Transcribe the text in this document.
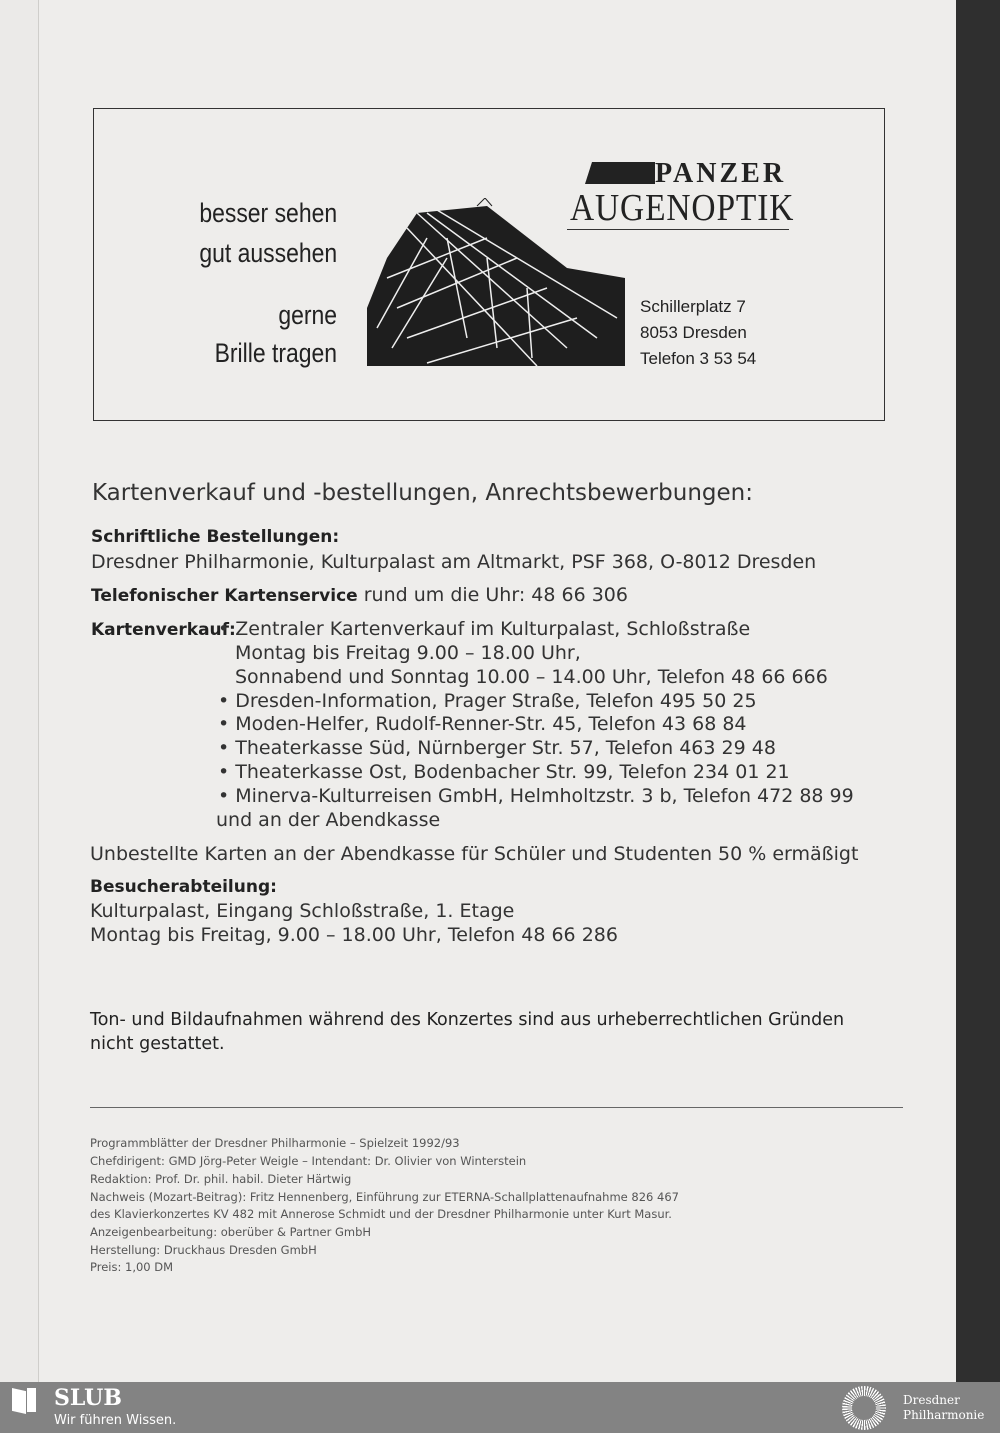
besser sehen
gut aussehen
gerne
Brille tragen
PANZER
AUGENOPTIK
Schillerplatz 7
8053 Dresden
Telefon 3 53 54
Kartenverkauf und -bestellungen, Anrechtsbewerbungen:
Schriftliche Bestellungen:
Dresdner Philharmonie, Kulturpalast am Altmarkt, PSF 368, O-8012 Dresden
Telefonischer Kartenservice rund um die Uhr: 48 66 306
Kartenverkauf:
• Zentraler Kartenverkauf im Kulturpalast, Schloßstraße
Montag bis Freitag 9.00 – 18.00 Uhr,
Sonnabend und Sonntag 10.00 – 14.00 Uhr, Telefon 48 66 666
• Dresden-Information, Prager Straße, Telefon 495 50 25
• Moden-Helfer, Rudolf-Renner-Str. 45, Telefon 43 68 84
• Theaterkasse Süd, Nürnberger Str. 57, Telefon 463 29 48
• Theaterkasse Ost, Bodenbacher Str. 99, Telefon 234 01 21
• Minerva-Kulturreisen GmbH, Helmholtzstr. 3 b, Telefon 472 88 99
und an der Abendkasse
Unbestellte Karten an der Abendkasse für Schüler und Studenten 50 % ermäßigt
Besucherabteilung:
Kulturpalast, Eingang Schloßstraße, 1. Etage
Montag bis Freitag, 9.00 – 18.00 Uhr, Telefon 48 66 286
Ton- und Bildaufnahmen während des Konzertes sind aus urheberrechtlichen Gründen
nicht gestattet.
Programmblätter der Dresdner Philharmonie – Spielzeit 1992/93
Chefdirigent: GMD Jörg-Peter Weigle – Intendant: Dr. Olivier von Winterstein
Redaktion: Prof. Dr. phil. habil. Dieter Härtwig
Nachweis (Mozart-Beitrag): Fritz Hennenberg, Einführung zur ETERNA-Schallplattenaufnahme 826 467
des Klavierkonzertes KV 482 mit Annerose Schmidt und der Dresdner Philharmonie unter Kurt Masur.
Anzeigenbearbeitung: oberüber & Partner GmbH
Herstellung: Druckhaus Dresden GmbH
Preis: 1,00 DM
SLUB
Wir führen Wissen.
Dresdner
Philharmonie
